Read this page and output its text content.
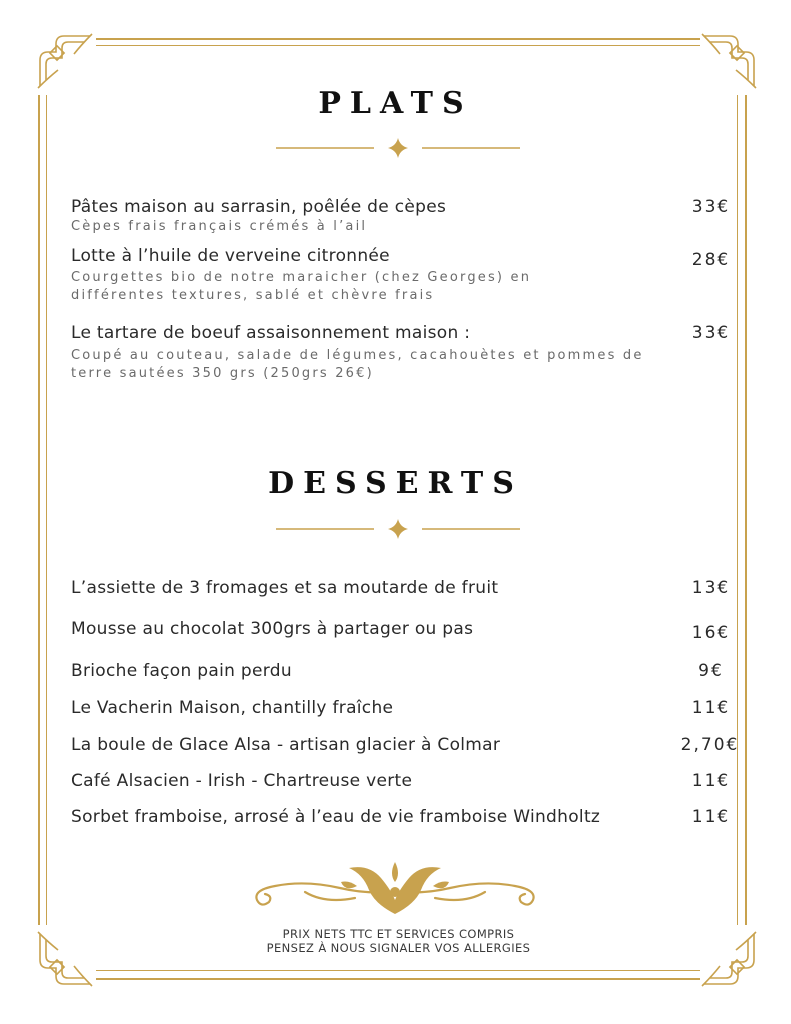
PLATS
Pâtes maison au sarrasin, poêlée de cèpes
Cèpes frais français crémés à l’ail
33€
Lotte à l’huile de verveine citronnée
Courgettes bio de notre maraicher (chez Georges) en différentes textures, sablé et chèvre frais
28€
Le tartare de boeuf assaisonnement maison :
Coupé au couteau, salade de légumes, cacahouètes et pommes de terre sautées 350 grs (250grs 26€)
33€
DESSERTS
L’assiette de 3 fromages et sa moutarde de fruit	13€
Mousse au chocolat 300grs à partager ou pas	16€
Brioche façon pain perdu	9€
Le Vacherin Maison, chantilly fraîche	11€
La boule de Glace Alsa - artisan glacier à Colmar	2,70€
Café Alsacien - Irish - Chartreuse verte	11€
Sorbet framboise, arrosé à l’eau de vie framboise Windholtz	11€
PRIX NETS TTC ET SERVICES COMPRIS
PENSEZ À NOUS SIGNALER VOS ALLERGIES
